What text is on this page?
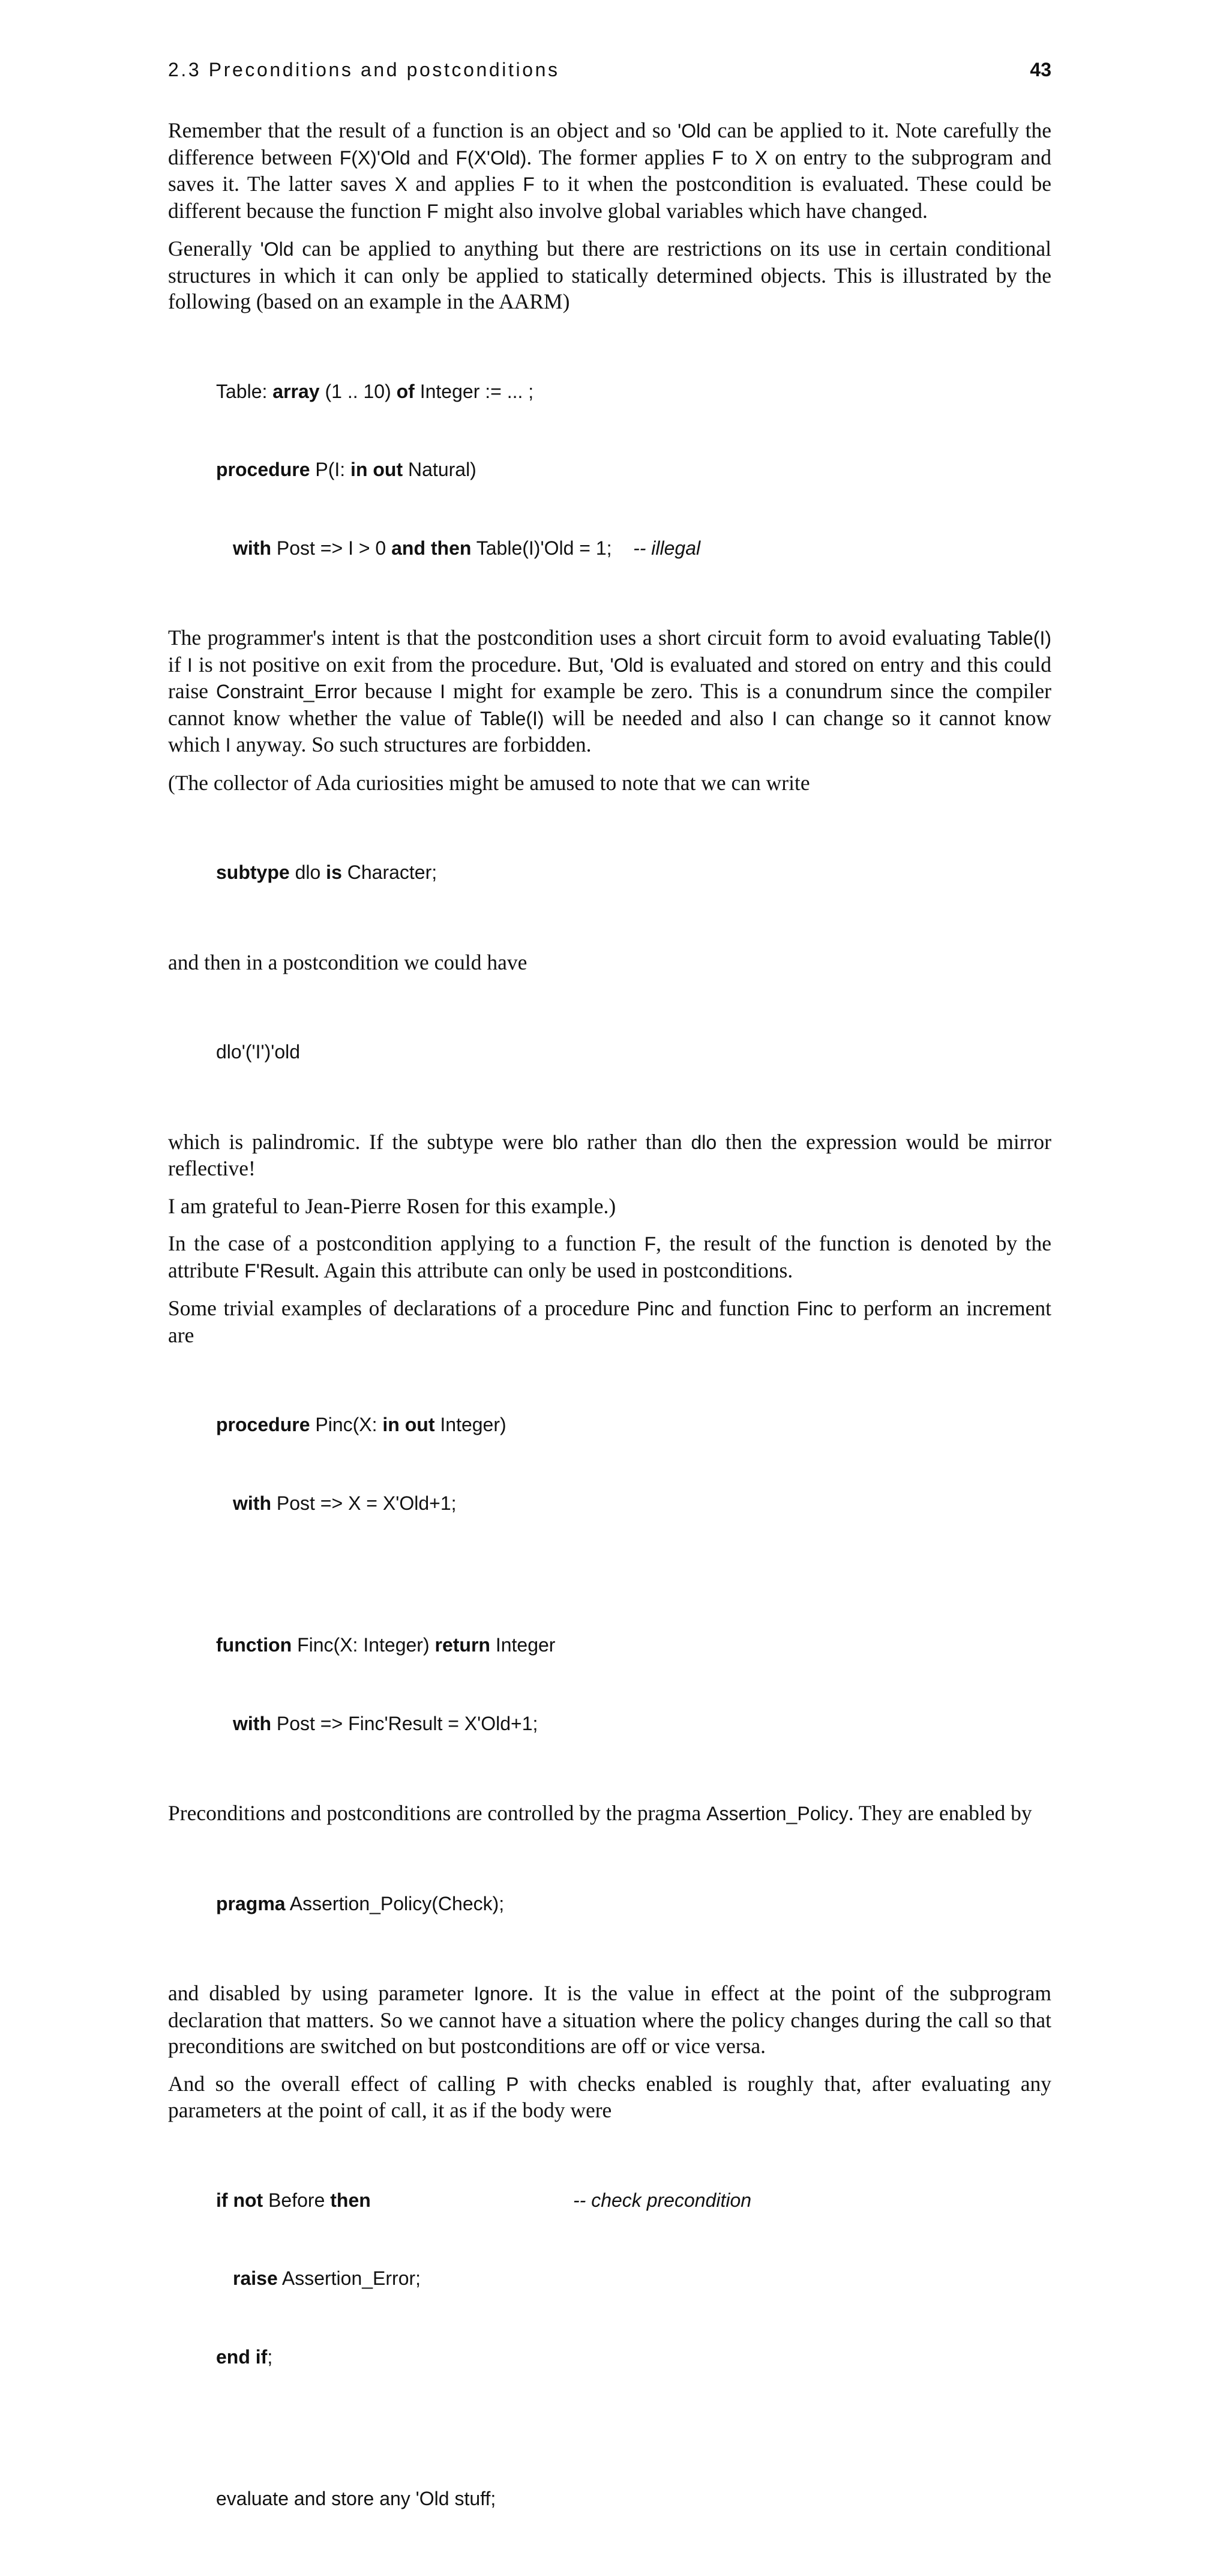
2.3 Preconditions and postconditions	43

Remember that the result of a function is an object and so 'Old can be applied to it. Note carefully the difference between F(X)'Old and F(X'Old). The former applies F to X on entry to the subprogram and saves it. The latter saves X and applies F to it when the postcondition is evaluated. These could be different because the function F might also involve global variables which have changed.

Generally 'Old can be applied to anything but there are restrictions on its use in certain conditional structures in which it can only be applied to statically determined objects. This is illustrated by the following (based on an example in the AARM)

Table: array (1 .. 10) of Integer := ... ;

procedure P(I: in out Natural)

with Post => I > 0 and then Table(I)'Old = 1;    -- illegal

The programmer's intent is that the postcondition uses a short circuit form to avoid evaluating Table(I) if I is not positive on exit from the procedure. But, 'Old is evaluated and stored on entry and this could raise Constraint_Error because I might for example be zero. This is a conundrum since the compiler cannot know whether the value of Table(I) will be needed and also I can change so it cannot know which I anyway. So such structures are forbidden.

(The collector of Ada curiosities might be amused to note that we can write

subtype dlo is Character;

and then in a postcondition we could have

dlo'('I')'old

which is palindromic. If the subtype were blo rather than dlo then the expression would be mirror reflective!

I am grateful to Jean-Pierre Rosen for this example.)

In the case of a postcondition applying to a function F, the result of the function is denoted by the attribute F'Result. Again this attribute can only be used in postconditions.

Some trivial examples of declarations of a procedure Pinc and function Finc to perform an increment are

procedure Pinc(X: in out Integer)

with Post => X = X'Old+1;

function Finc(X: Integer) return Integer

with Post => Finc'Result = X'Old+1;

Preconditions and postconditions are controlled by the pragma Assertion_Policy. They are enabled by

pragma Assertion_Policy(Check);

and disabled by using parameter Ignore. It is the value in effect at the point of the subprogram declaration that matters. So we cannot have a situation where the policy changes during the call so that preconditions are switched on but postconditions are off or vice versa.

And so the overall effect of calling P with checks enabled is roughly that, after evaluating any parameters at the point of call, it as if the body were

if not Before then	-- check precondition

raise Assertion_Error;

end if;

evaluate and store any 'Old stuff;
